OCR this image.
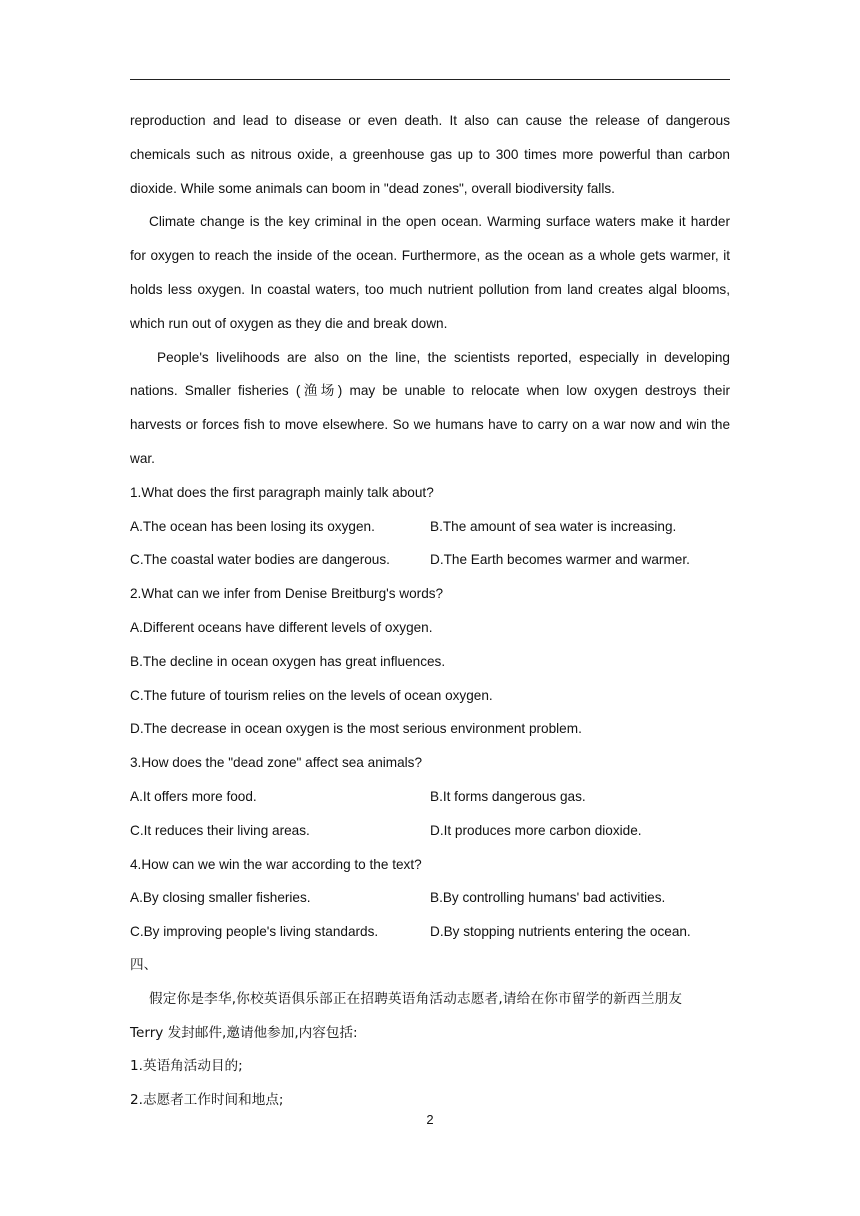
reproduction and lead to disease or even death. It also can cause the release of dangerous
chemicals such as nitrous oxide, a greenhouse gas up to 300 times more powerful than carbon
dioxide. While some animals can boom in "dead zones", overall biodiversity falls.
Climate change is the key criminal in the open ocean. Warming surface waters make it harder
for oxygen to reach the inside of the ocean. Furthermore, as the ocean as a whole gets warmer, it
holds less oxygen. In coastal waters, too much nutrient pollution from land creates algal blooms,
which run out of oxygen as they die and break down.
People's livelihoods are also on the line, the scientists reported, especially in developing
nations. Smaller fisheries (渔场) may be unable to relocate when low oxygen destroys their
harvests or forces fish to move elsewhere. So we humans have to carry on a war now and win the
war.
1.What does the first paragraph mainly talk about?
A.The ocean has been losing its oxygen.	B.The amount of sea water is increasing.
C.The coastal water bodies are dangerous.	D.The Earth becomes warmer and warmer.
2.What can we infer from Denise Breitburg's words?
A.Different oceans have different levels of oxygen.
B.The decline in ocean oxygen has great influences.
C.The future of tourism relies on the levels of ocean oxygen.
D.The decrease in ocean oxygen is the most serious environment problem.
3.How does the "dead zone" affect sea animals?
A.It offers more food.	B.It forms dangerous gas.
C.It reduces their living areas.	D.It produces more carbon dioxide.
4.How can we win the war according to the text?
A.By closing smaller fisheries.	B.By controlling humans' bad activities.
C.By improving people's living standards.	D.By stopping nutrients entering the ocean.
四、
假定你是李华,你校英语俱乐部正在招聘英语角活动志愿者,请给在你市留学的新西兰朋友
Terry 发封邮件,邀请他参加,内容包括:
1.英语角活动目的;
2.志愿者工作时间和地点;
2
